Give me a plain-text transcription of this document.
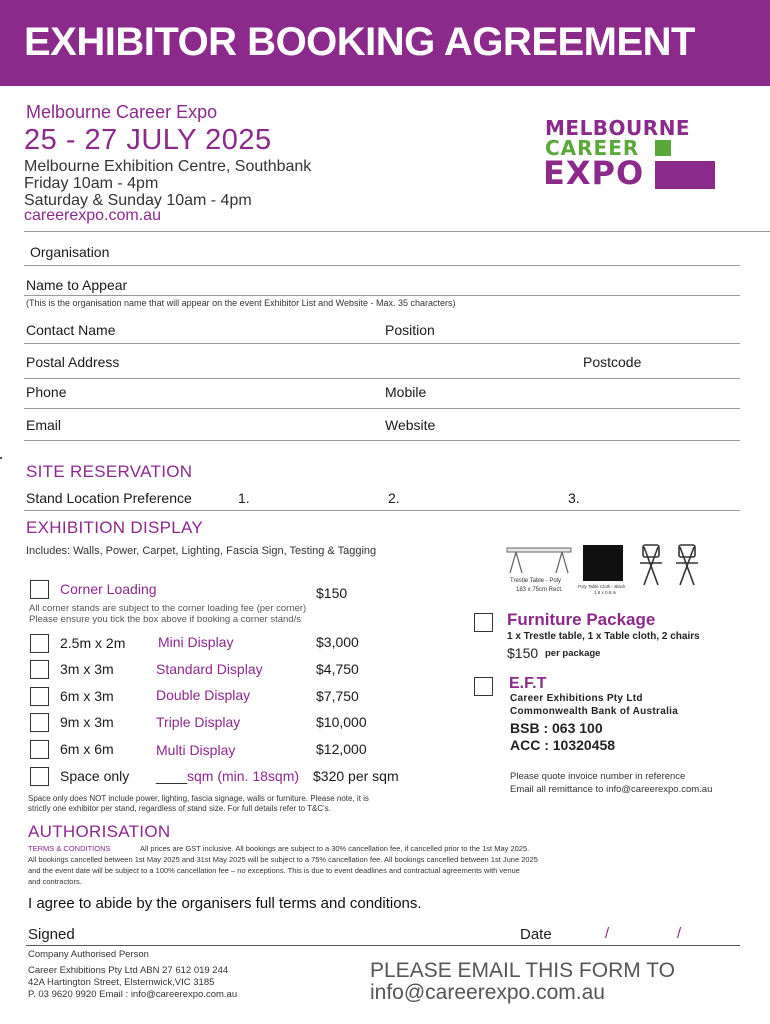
EXHIBITOR BOOKING AGREEMENT
Melbourne Career Expo
25 - 27 JULY 2025
Melbourne Exhibition Centre, Southbank
Friday 10am - 4pm
Saturday & Sunday 10am - 4pm
careerexpo.com.au
MELBOURNE
CAREER
EXPO
Organisation
Name to Appear
(This is the organisation name that will appear on the event Exhibitor List and Website - Max. 35 characters)
Contact Name	Position
Postal Address	Postcode
Phone	Mobile
Email	Website
SITE RESERVATION
Stand Location Preference	1.	2.	3.
EXHIBITION DISPLAY
Includes: Walls, Power, Carpet, Lighting, Fascia Sign, Testing & Tagging
Corner Loading	$150
All corner stands are subject to the corner loading fee (per corner)
Please ensure you tick the box above if booking a corner stand/s
2.5m x 2m Mini Display	$3,000
3m x 3m	Standard Display	$4,750
6m x 3m	Double Display	$7,750
9m x 3m	Triple Display	$10,000
6m x 6m	Multi Display	$12,000
Space only ____ sqm (min. 18sqm) $320 per sqm
Space only does NOT include power, lighting, fascia signage, walls or furniture. Please note, it is
strictly one exhibitor per stand, regardless of stand size. For full details refer to T&C's.
Trestle Table - Poly
183 x 75cm Rect.
Poly Table Cloth - Black
1.8 x 0.8 m
Furniture Package
1 x Trestle table, 1 x Table cloth, 2 chairs
$150 per package
E.F.T
Career Exhibitions Pty Ltd
Commonwealth Bank of Australia
BSB : 063 100
ACC : 10320458
Please quote invoice number in reference
Email all remittance to info@careerexpo.com.au
AUTHORISATION
TERMS & CONDITIONS	All prices are GST inclusive. All bookings are subject to a 30% cancellation fee, if cancelled prior to the 1st May 2025.
All bookings cancelled between 1st May 2025 and 31st May 2025 will be subject to a 75% cancellation fee. All bookings cancelled between 1st June 2025
and the event date will be subject to a 100% cancellation fee – no exceptions. This is due to event deadlines and contractual agreements with venue
and contractors.
I agree to abide by the organisers full terms and conditions.
Signed	Date	/	/
Company Authorised Person
Career Exhibitions Pty Ltd ABN 27 612 019 244
42A Hartington Street, Elsternwick,VIC 3185
P. 03 9620 9920 Email : info@careerexpo.com.au
PLEASE EMAIL THIS FORM TO
info@careerexpo.com.au
